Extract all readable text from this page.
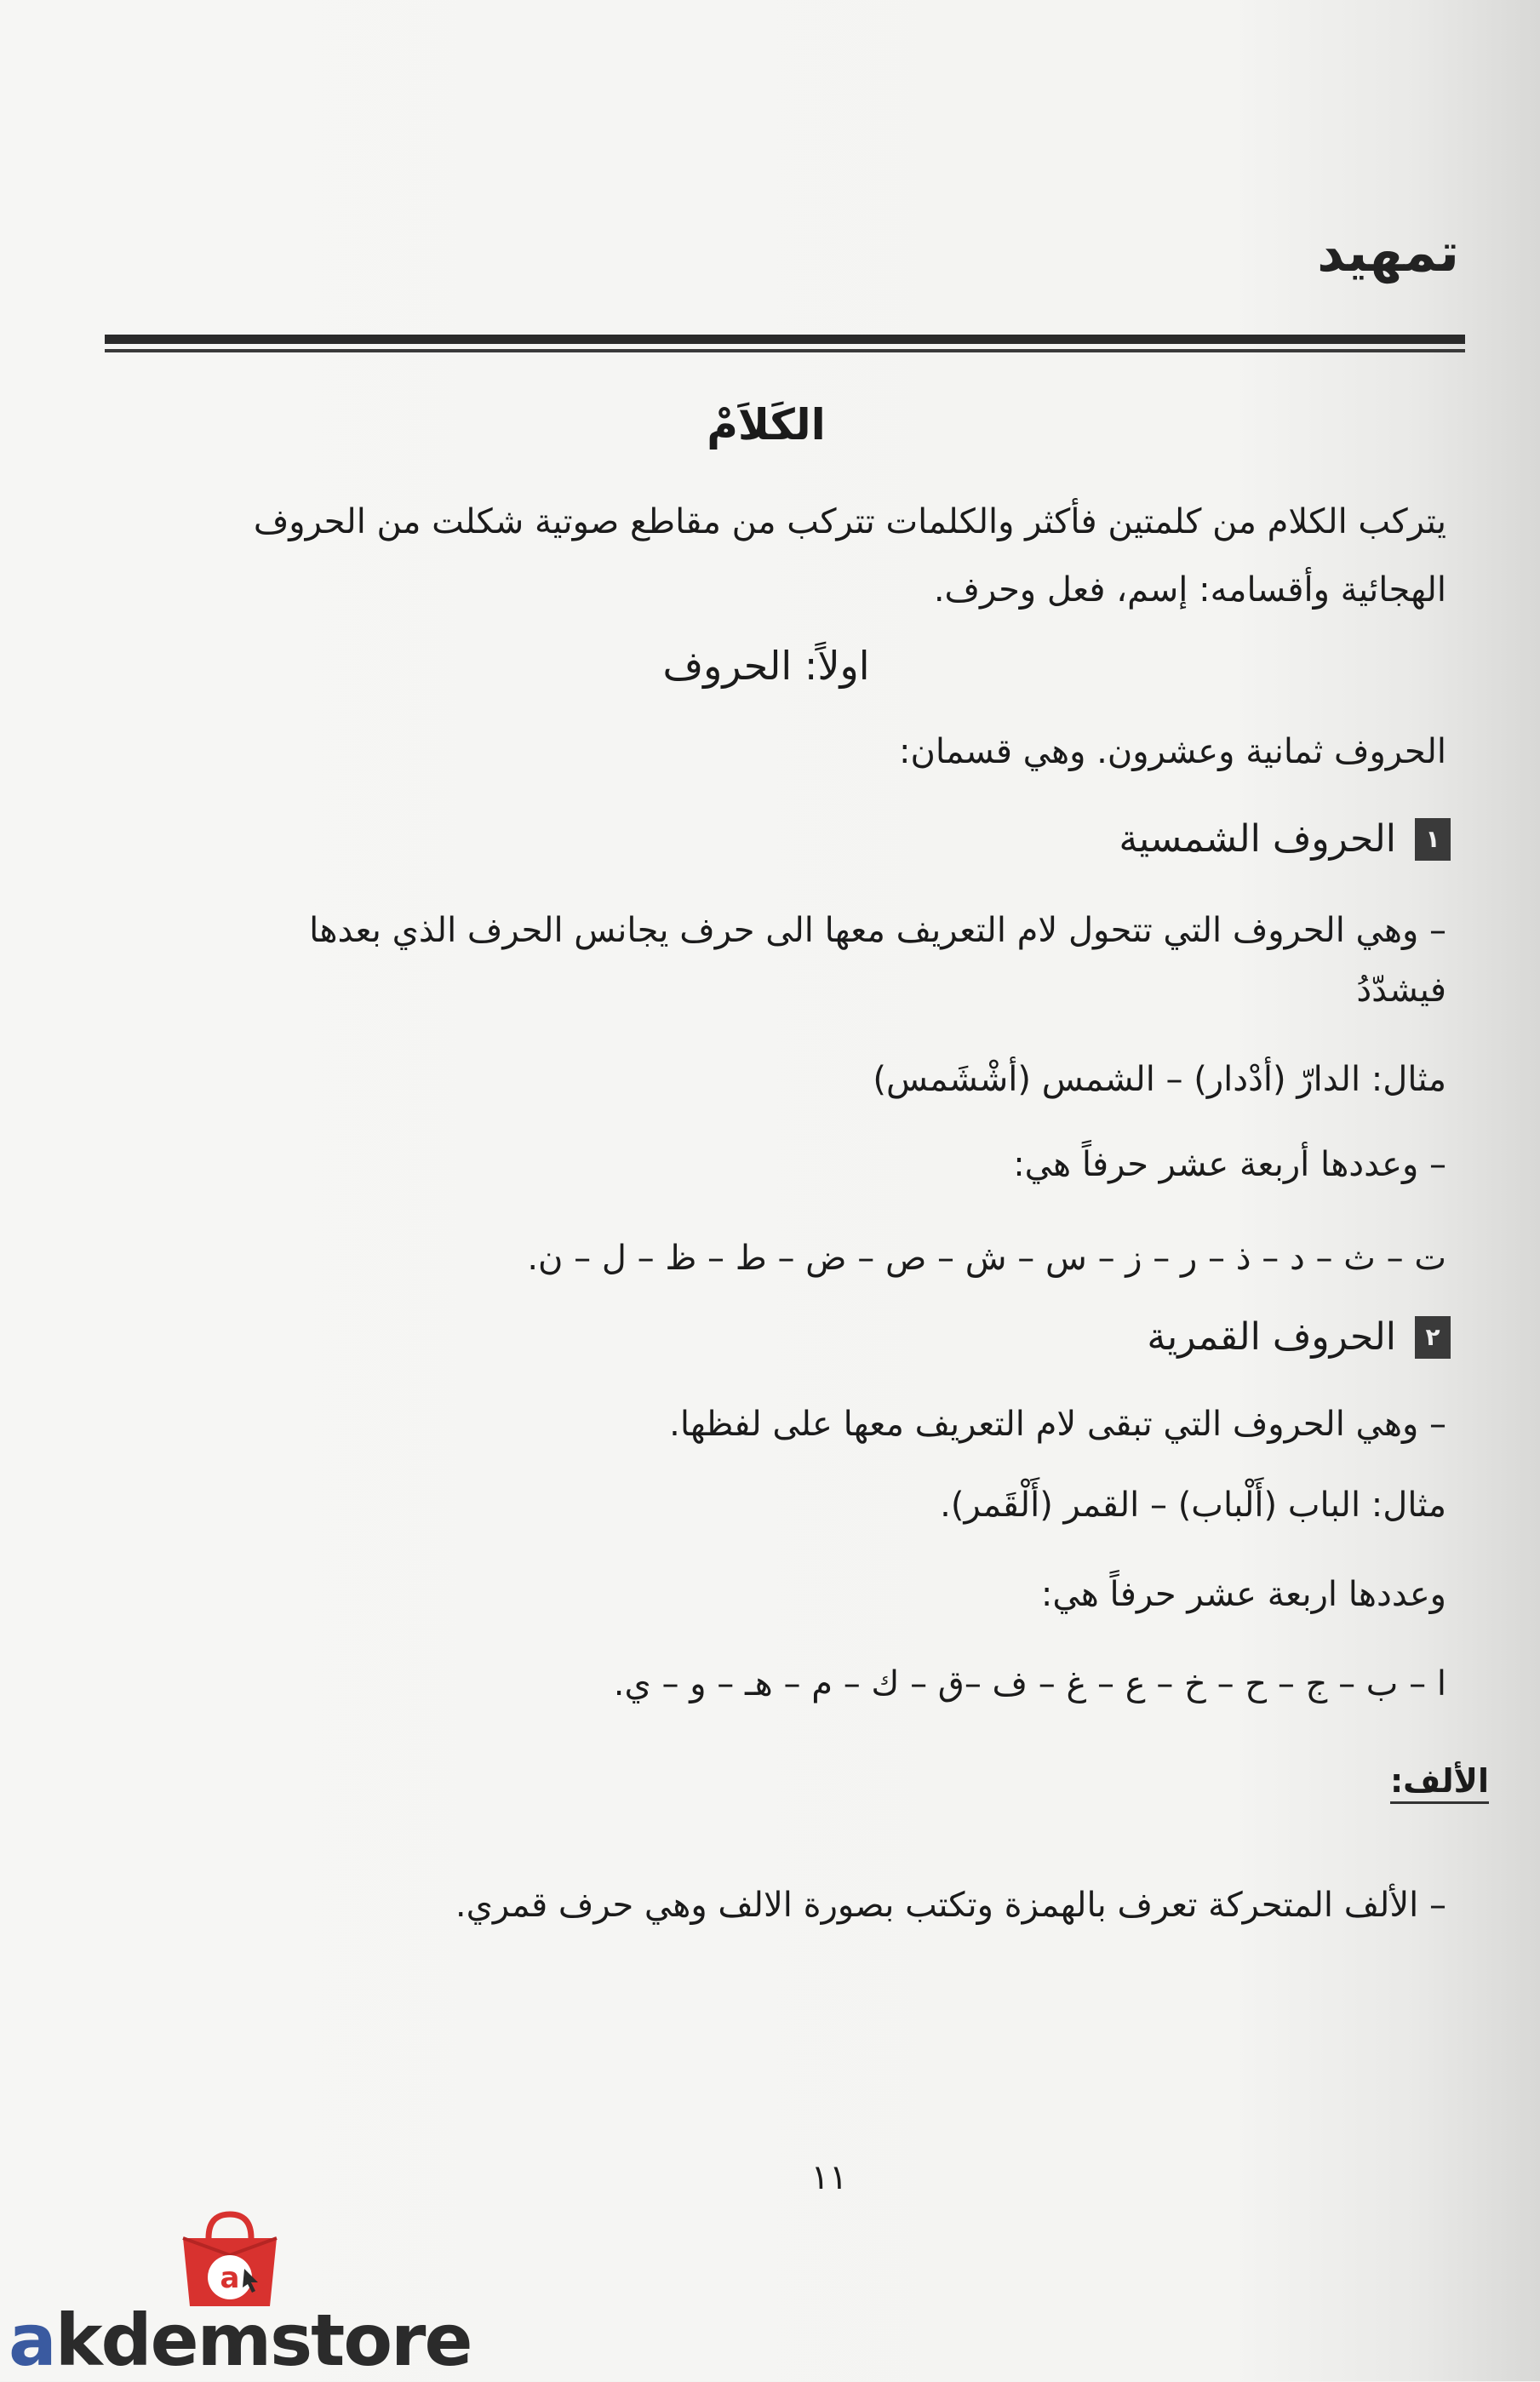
تمهيد
الكَلاَمْ
يتركب الكلام من كلمتين فأكثر والكلمات تتركب من مقاطع صوتية شكلت من الحروف
الهجائية وأقسامه: إسم، فعل وحرف.
اولاً: الحروف
الحروف ثمانية وعشرون. وهي قسمان:
١
الحروف الشمسية
– وهي الحروف التي تتحول لام التعريف معها الى حرف يجانس الحرف الذي بعدها
فيشدّدُ
مثال: الدارّ (أدْدار) – الشمس (أشْشَمس)
– وعددها أربعة عشر حرفاً هي:
ت – ث – د – ذ – ر – ز – س – ش – ص – ض – ط – ظ – ل – ن.
٢
الحروف القمرية
– وهي الحروف التي تبقى لام التعريف معها على لفظها.
مثال: الباب (أَلْباب) – القمر (أَلْقَمر).
وعددها اربعة عشر حرفاً هي:
ا – ب – ج – ح – خ – ع – غ – ف –ق – ك – م – هـ – و – ي.
الألف:
– الألف المتحركة تعرف بالهمزة وتكتب بصورة الالف وهي حرف قمري.
١١
a
akdemstore
